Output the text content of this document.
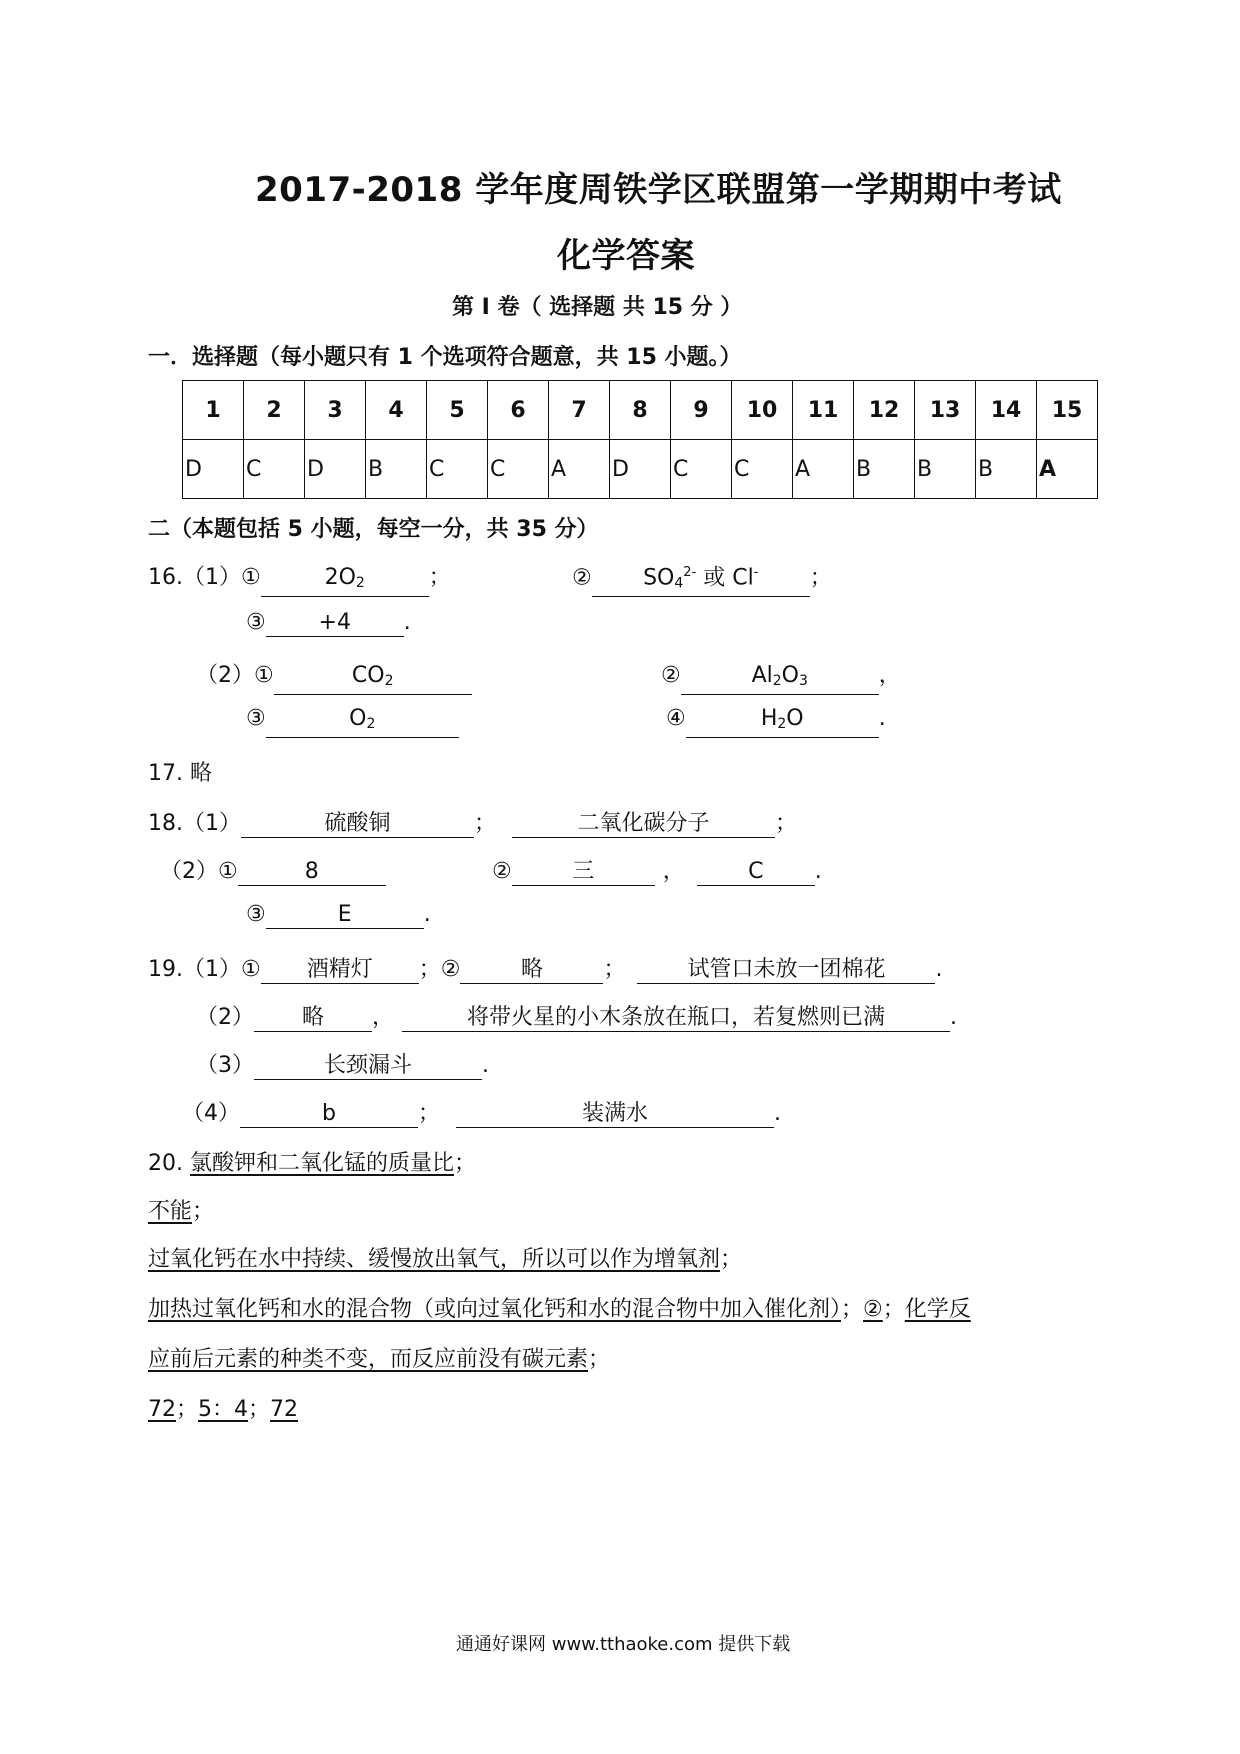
2017-2018 学年度周铁学区联盟第一学期期中考试
化学答案
第 I 卷（ 选择题 共 15 分 ）
一．选择题（每小题只有 1 个选项符合题意，共 15 小题。）
1	2	3	4	5	6	7	8	9	10	11	12	13	14	15
D	C	D	B	C	C	A	D	C	C	A	B	B	B	A
二（本题包括 5 小题，每空一分，共 35 分）
16.（1）①	$2O_2$	；	② $SO_4^{2-}$ 或 Cl- ；
③ +4 .
（2）①	$CO_2$	②	$Al_2O_3$	，
③	$O_2$	④	$H_2O$	.
17. 略
18.（1）	硫酸铜	；	二氧化碳分子	；
（2）①	8	②	三	，	C .
③	E	.
19.（1）① 酒精灯 ；②	略	；	试管口未放一团棉花 .
（2） 略 ，	将带火星的小木条放在瓶口，若复燃则已满	.
（3）	长颈漏斗	.
（4）	b	；	装满水	.
20. 氯酸钾和二氧化锰的质量比；
不能；
过氧化钙在水中持续、缓慢放出氧气，所以可以作为增氧剂；
加热过氧化钙和水的混合物（或向过氧化钙和水的混合物中加入催化剂）；②；化学反
应前后元素的种类不变，而反应前没有碳元素；
72；5：4；72
通通好课网 www.tthaoke.com 提供下载
